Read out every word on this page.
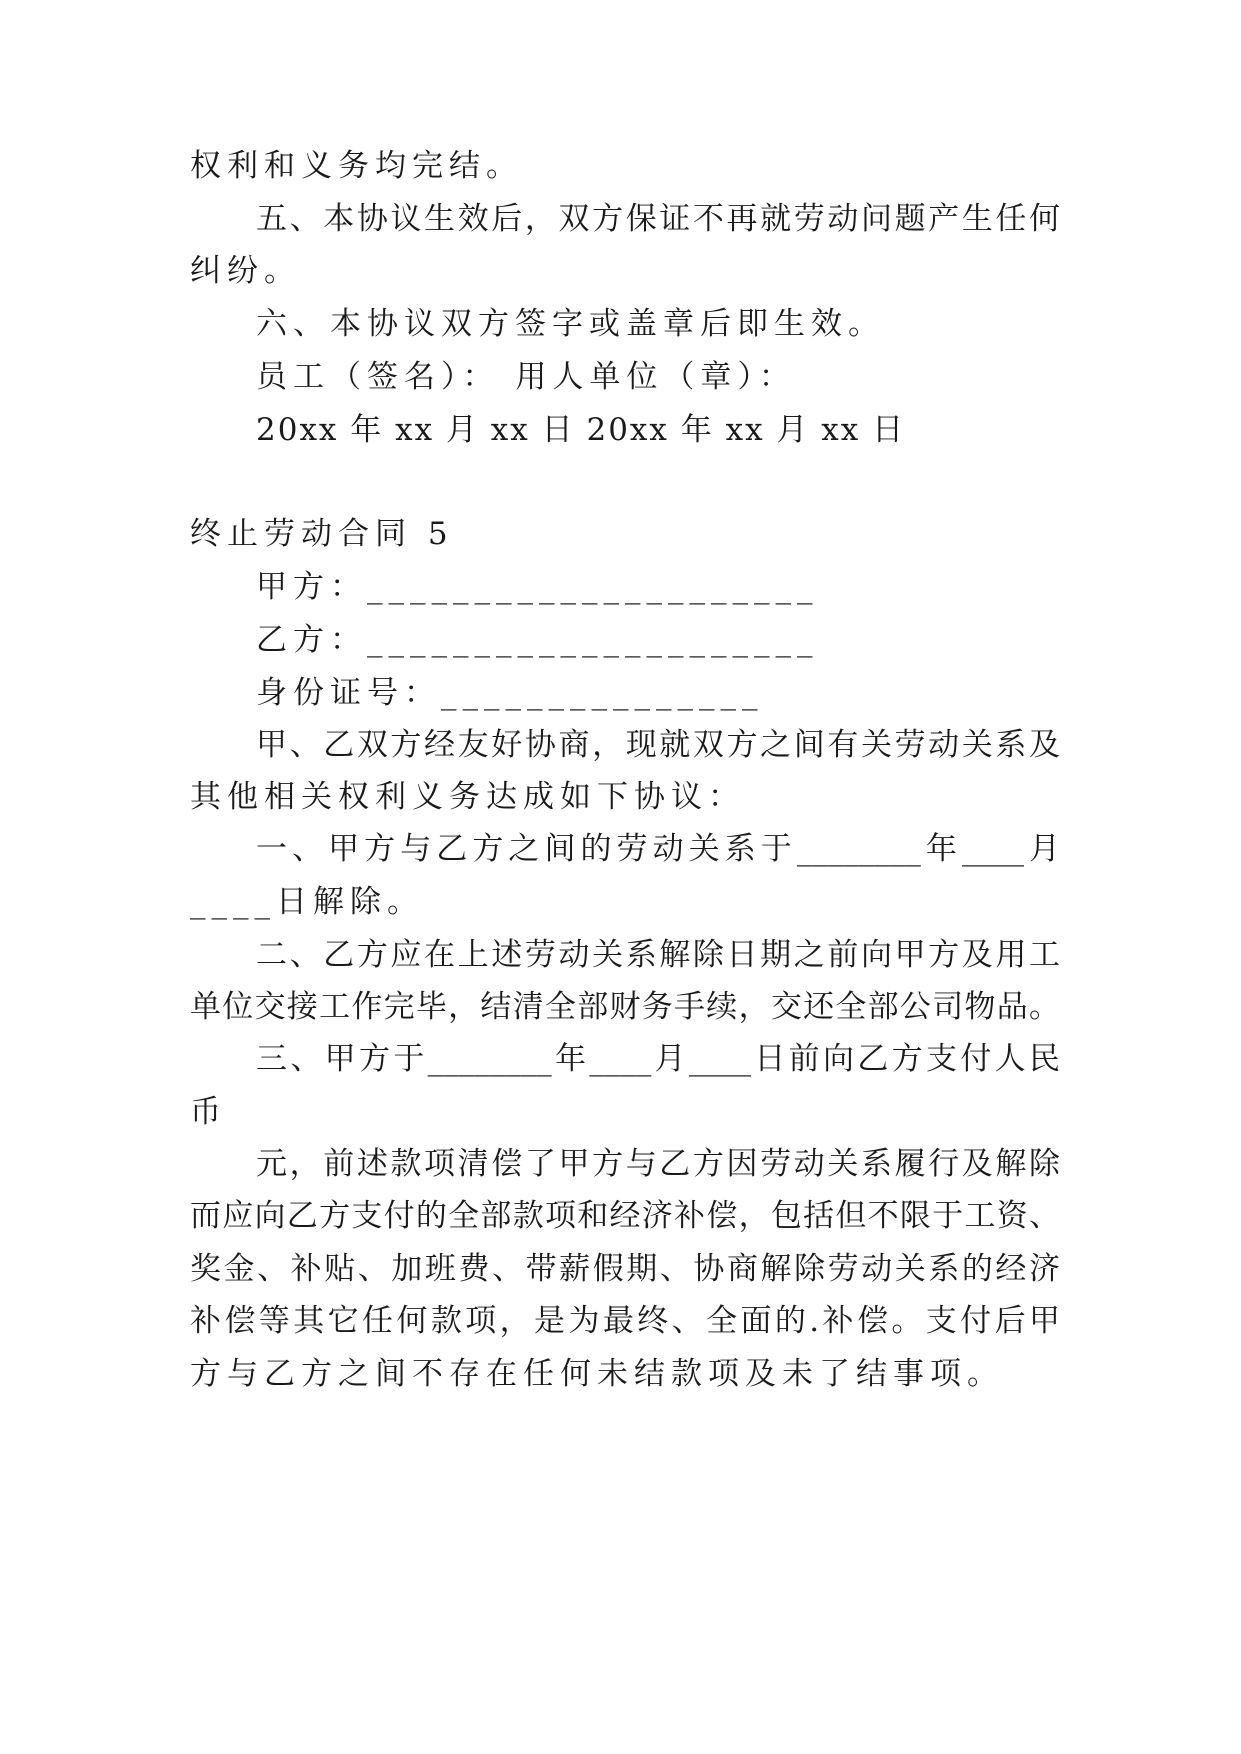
权利和义务均完结。
五、本协议生效后，双方保证不再就劳动问题产生任何
纠纷。
六、本协议双方签字或盖章后即生效。
员工（签名）： 用人单位（章）：
20xx 年 xx 月 xx 日 20xx 年 xx 月 xx 日
终止劳动合同 5
甲方：_____________________
乙方：_____________________
身份证号：_______________
甲、乙双方经友好协商，现就双方之间有关劳动关系及
其他相关权利义务达成如下协议：
一、甲方与乙方之间的劳动关系于________年____月
____日解除。
二、乙方应在上述劳动关系解除日期之前向甲方及用工
单位交接工作完毕，结清全部财务手续，交还全部公司物品。
三、甲方于________年____月____日前向乙方支付人民
币
元，前述款项清偿了甲方与乙方因劳动关系履行及解除
而应向乙方支付的全部款项和经济补偿，包括但不限于工资、
奖金、补贴、加班费、带薪假期、协商解除劳动关系的经济
补偿等其它任何款项，是为最终、全面的.补偿。支付后甲
方与乙方之间不存在任何未结款项及未了结事项。
